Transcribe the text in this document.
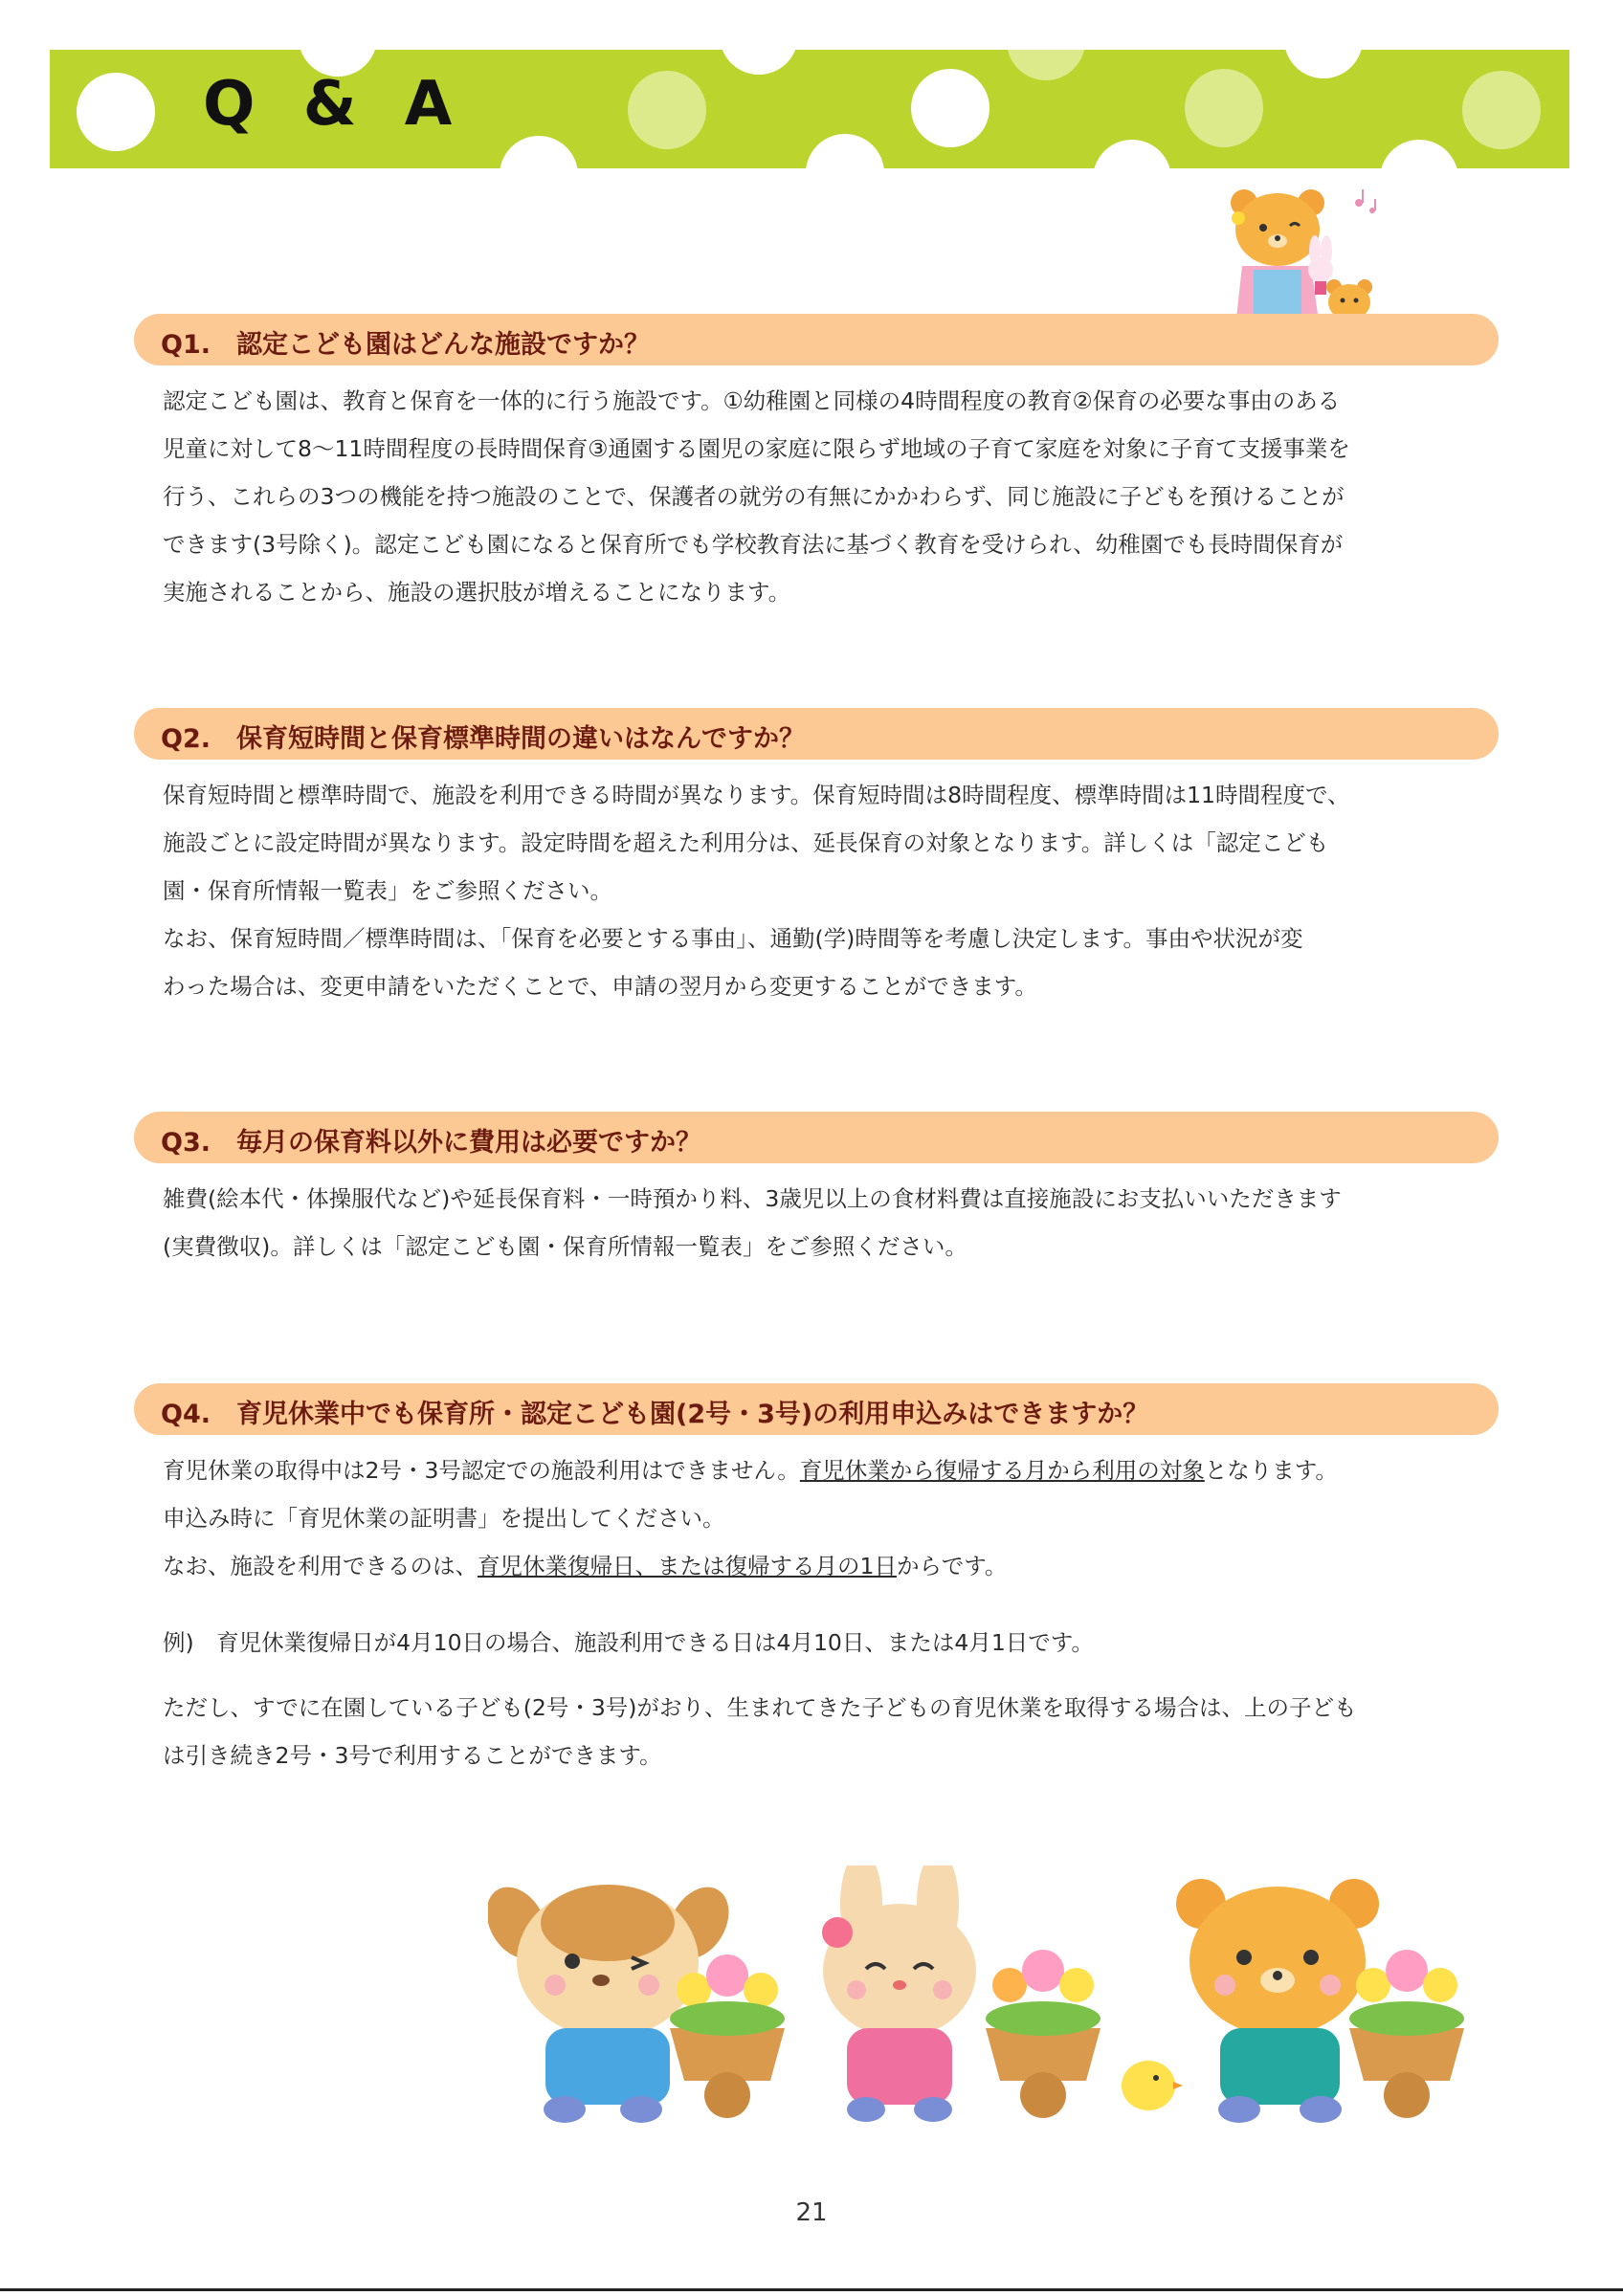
Q & A
Q1.　認定こども園はどんな施設ですか？

認定こども園は、教育と保育を一体的に行う施設です。①幼稚園と同様の4時間程度の教育②保育の必要な事由のある

児童に対して8～11時間程度の長時間保育③通園する園児の家庭に限らず地域の子育て家庭を対象に子育て支援事業を

行う、これらの3つの機能を持つ施設のことで、保護者の就労の有無にかかわらず、同じ施設に子どもを預けることが

できます(3号除く)。認定こども園になると保育所でも学校教育法に基づく教育を受けられ、幼稚園でも長時間保育が

実施されることから、施設の選択肢が増えることになります。

Q2.　保育短時間と保育標準時間の違いはなんですか？

保育短時間と標準時間で、施設を利用できる時間が異なります。保育短時間は8時間程度、標準時間は11時間程度で、

施設ごとに設定時間が異なります。設定時間を超えた利用分は、延長保育の対象となります。詳しくは「認定こども

園・保育所情報一覧表」をご参照ください。

なお、保育短時間／標準時間は、「保育を必要とする事由」、通勤(学)時間等を考慮し決定します。事由や状況が変

わった場合は、変更申請をいただくことで、申請の翌月から変更することができます。

Q3.　毎月の保育料以外に費用は必要ですか？

雑費(絵本代・体操服代など)や延長保育料・一時預かり料、3歳児以上の食材料費は直接施設にお支払いいただきます

(実費徴収)。詳しくは「認定こども園・保育所情報一覧表」をご参照ください。

Q4.　育児休業中でも保育所・認定こども園(2号・3号)の利用申込みはできますか？

育児休業の取得中は2号・3号認定での施設利用はできません。育児休業から復帰する月から利用の対象となります。

申込み時に「育児休業の証明書」を提出してください。

なお、施設を利用できるのは、育児休業復帰日、または復帰する月の1日からです。

例)　育児休業復帰日が4月10日の場合、施設利用できる日は4月10日、または4月1日です。

ただし、すでに在園している子ども(2号・3号)がおり、生まれてきた子どもの育児休業を取得する場合は、上の子ども

は引き続き2号・3号で利用することができます。

21
